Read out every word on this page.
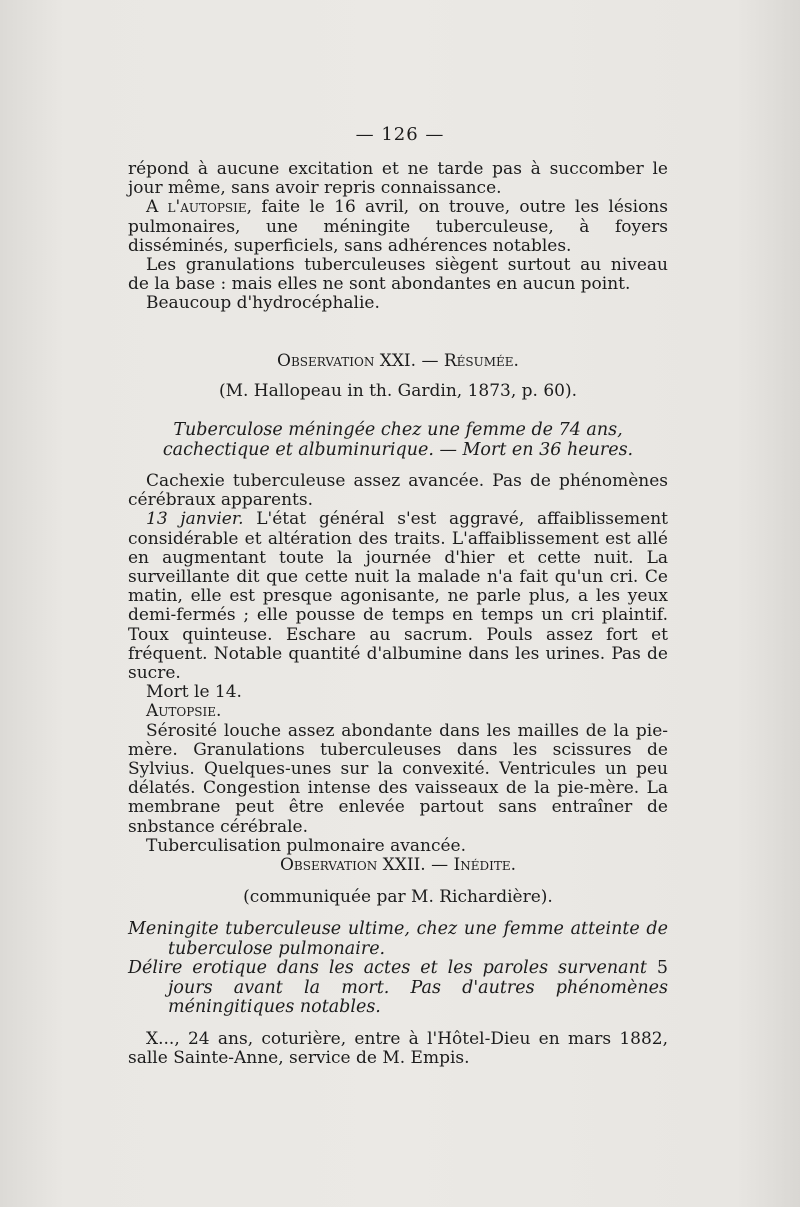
— 126 —

répond à aucune excitation et ne tarde pas à succomber le jour même, sans avoir repris connaissance.

A l'autopsie, faite le 16 avril, on trouve, outre les lésions pulmonaires, une méningite tuberculeuse, à foyers disséminés, superficiels, sans adhérences notables.

Les granulations tuberculeuses siègent surtout au niveau de la base : mais elles ne sont abondantes en aucun point.

Beaucoup d'hydrocéphalie.

Observation XXI. — Résumée.
(M. Hallopeau in th. Gardin, 1873, p. 60).
Tuberculose méningée chez une femme de 74 ans, cachectique et albuminurique. — Mort en 36 heures.

Cachexie tuberculeuse assez avancée. Pas de phénomènes cérébraux apparents.

13 janvier. L'état général s'est aggravé, affaiblissement considérable et altération des traits. L'affaiblissement est allé en augmentant toute la journée d'hier et cette nuit. La surveillante dit que cette nuit la malade n'a fait qu'un cri. Ce matin, elle est presque agonisante, ne parle plus, a les yeux demi-fermés ; elle pousse de temps en temps un cri plaintif. Toux quinteuse. Eschare au sacrum. Pouls assez fort et fréquent. Notable quantité d'albumine dans les urines. Pas de sucre.

Mort le 14.

Autopsie.

Sérosité louche assez abondante dans les mailles de la pie-mère. Granulations tuberculeuses dans les scissures de Sylvius. Quelques-unes sur la convexité. Ventricules un peu délatés. Congestion intense des vaisseaux de la pie-mère. La membrane peut être enlevée partout sans entraîner de snbstance cérébrale.

Tuberculisation pulmonaire avancée.

Observation XXII. — Inédite.
(communiquée par M. Richardière).

Meningite tuberculeuse ultime, chez une femme atteinte de tuberculose pulmonaire.

Délire erotique dans les actes et les paroles survenant 5 jours avant la mort. Pas d'autres phénomènes méningitiques notables.

X..., 24 ans, coturière, entre à l'Hôtel-Dieu en mars 1882, salle Sainte-Anne, service de M. Empis.
